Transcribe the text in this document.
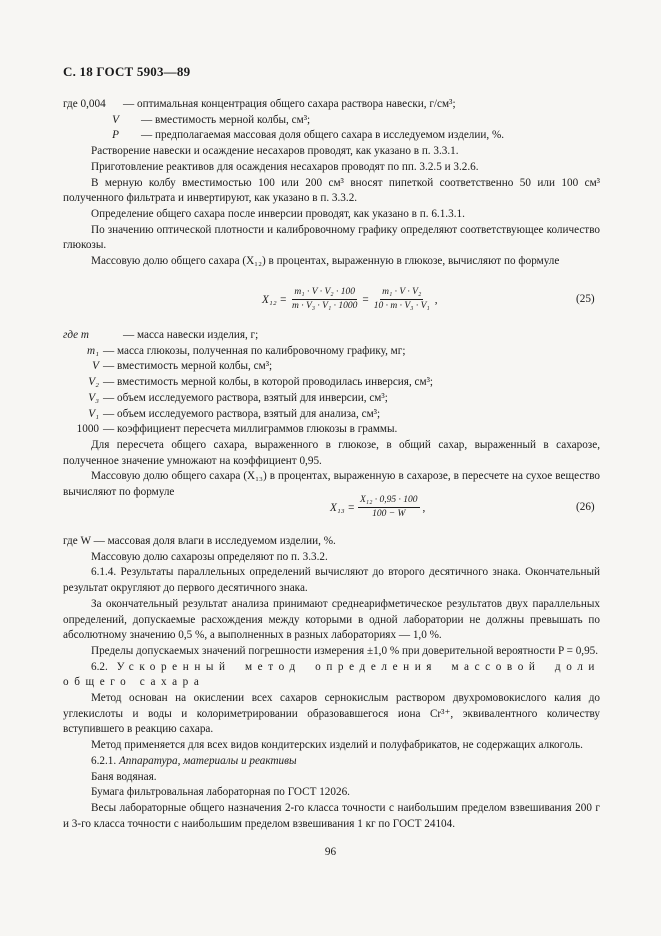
С. 18 ГОСТ 5903—89
где 0,004	— оптимальная концентрация общего сахара раствора навески, г/см³;
V	— вместимость мерной колбы, см³;
P	— предполагаемая массовая доля общего сахара в исследуемом изделии, %.

Растворение навески и осаждение несахаров проводят, как указано в п. 3.3.1.

Приготовление реактивов для осаждения несахаров проводят по пп. 3.2.5 и 3.2.6.

В мерную колбу вместимостью 100 или 200 см³ вносят пипеткой соответственно 50 или 100 см³ полученного фильтрата и инвертируют, как указано в п. 3.3.2.

Определение общего сахара после инверсии проводят, как указано в п. 6.1.3.1.

По значению оптической плотности и калибровочному графику определяют соответствующее количество глюкозы.

Массовую долю общего сахара (X₁₂) в процентах, выраженную в глюкозе, вычисляют по формуле

$X_{12} = \frac{\text{m₁ · V · V₂ · 100}}{\text{m · V₃ · V₁ · 1000}} = \frac{\text{m₁ · V · V₂}}{\text{10 · m · V₃ · V₁}}$ ,	(25)
где m	— масса навески изделия, г;
m₁ — масса глюкозы, полученная по калибровочному графику, мг;
V — вместимость мерной колбы, см³;
V₂ — вместимость мерной колбы, в которой проводилась инверсия, см³;
V₃ — объем исследуемого раствора, взятый для инверсии, см³;
V₁ — объем исследуемого раствора, взятый для анализа, см³;
1000 — коэффициент пересчета миллиграммов глюкозы в граммы.

Для пересчета общего сахара, выраженного в глюкозе, в общий сахар, выраженный в сахарозе, полученное значение умножают на коэффициент 0,95.

Массовую долю общего сахара (X₁₃) в процентах, выраженную в сахарозе, в пересчете на сухое вещество вычисляют по формуле

$X_{13} = \frac{\text{X₁₂ · 0,95 · 100}}{100 - W}$ ,	(26)

где W — массовая доля влаги в исследуемом изделии, %.

Массовую долю сахарозы определяют по п. 3.3.2.

6.1.4. Результаты параллельных определений вычисляют до второго десятичного знака. Окончательный результат округляют до первого десятичного знака.

За окончательный результат анализа принимают среднеарифметическое результатов двух параллельных определений, допускаемые расхождения между которыми в одной лаборатории не должны превышать по абсолютному значению 0,5 %, а выполненных в разных лабораториях — 1,0 %.

Пределы допускаемых значений погрешности измерения ±1,0 % при доверительной вероятности P = 0,95.

6.2. Ускоренный метод определения массовой доли общего сахара

Метод основан на окислении всех сахаров сернокислым раствором двухромовокислого калия до углекислоты и воды и колориметрировании образовавшегося иона Cr³⁺, эквивалентного количеству вступившего в реакцию сахара.

Метод применяется для всех видов кондитерских изделий и полуфабрикатов, не содержащих алкоголь.

6.2.1. Аппаратура, материалы и реактивы

Баня водяная.

Бумага фильтровальная лабораторная по ГОСТ 12026.

Весы лабораторные общего назначения 2-го класса точности с наибольшим пределом взвешивания 200 г и 3-го класса точности с наибольшим пределом взвешивания 1 кг по ГОСТ 24104.

96
